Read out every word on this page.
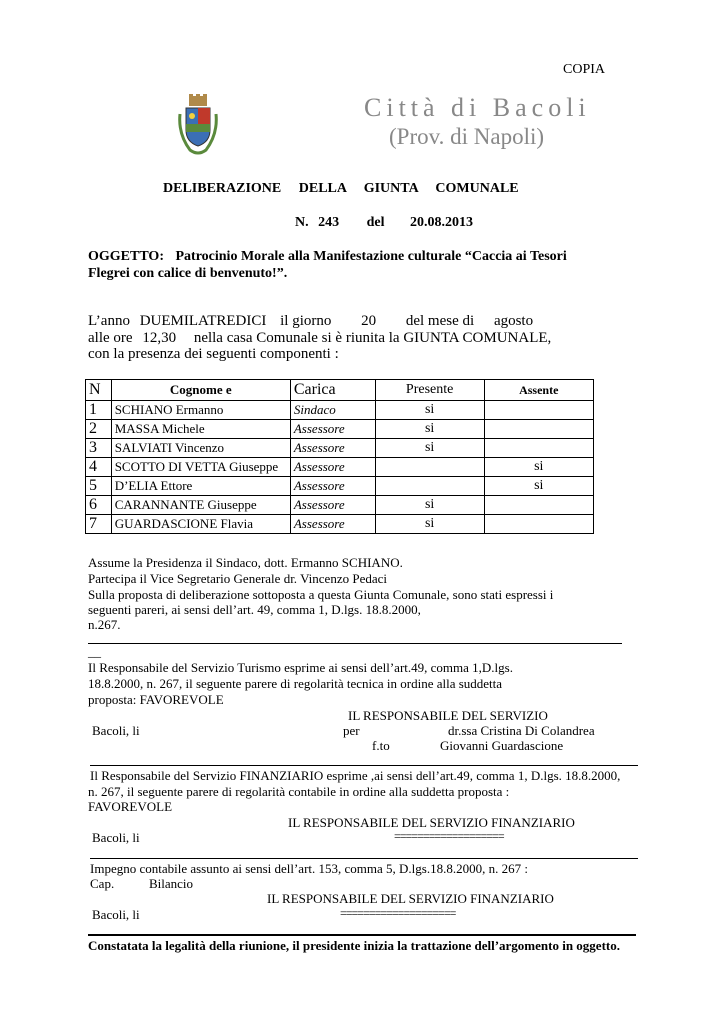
COPIA
Città di Bacoli
(Prov. di Napoli)
DELIBERAZIONE DELLA GIUNTA COMUNALE
N. 243 del 20.08.2013
OGGETTO: Patrocinio Morale alla Manifestazione culturale “Caccia ai Tesori
Flegrei con calice di benvenuto!”.
L’anno DUEMILATREDICI il giorno 20 del mese di agosto
alle ore 12,30 nella casa Comunale si è riunita la GIUNTA COMUNALE,
con la presenza dei seguenti componenti :
N	Cognome e	Carica	Presente	Assente
1	SCHIANO Ermanno	Sindaco	si	
2	MASSA Michele	Assessore	si	
3	SALVIATI Vincenzo	Assessore	si	
4	SCOTTO DI VETTA Giuseppe	Assessore		si
5	D’ELIA Ettore	Assessore		si
6	CARANNANTE Giuseppe	Assessore	si	
7	GUARDASCIONE Flavia	Assessore	si	
Assume la Presidenza il Sindaco, dott. Ermanno SCHIANO.
Partecipa il Vice Segretario Generale dr. Vincenzo Pedaci
Sulla proposta di deliberazione sottoposta a questa Giunta Comunale, sono stati espressi i
seguenti pareri, ai sensi dell’art. 49, comma 1, D.lgs. 18.8.2000,
n.267.
__
Il Responsabile del Servizio Turismo esprime ai sensi dell’art.49, comma 1,D.lgs.
18.8.2000, n. 267, il seguente parere di regolarità tecnica in ordine alla suddetta
proposta: FAVOREVOLE
IL RESPONSABILE DEL SERVIZIO
Bacoli, li	per	dr.ssa Cristina Di Colandrea
f.to	Giovanni Guardascione
Il Responsabile del Servizio FINANZIARIO esprime ,ai sensi dell’art.49, comma 1, D.lgs. 18.8.2000,
n. 267, il seguente parere di regolarità contabile in ordine alla suddetta proposta :
FAVOREVOLE
IL RESPONSABILE DEL SERVIZIO FINANZIARIO
Bacoli, li	===================
Impegno contabile assunto ai sensi dell’art. 153, comma 5, D.lgs.18.8.2000, n. 267 :
Cap.	Bilancio
IL RESPONSABILE DEL SERVIZIO FINANZIARIO
Bacoli, li	====================
Constatata la legalità della riunione, il presidente inizia la trattazione dell’argomento in oggetto.
